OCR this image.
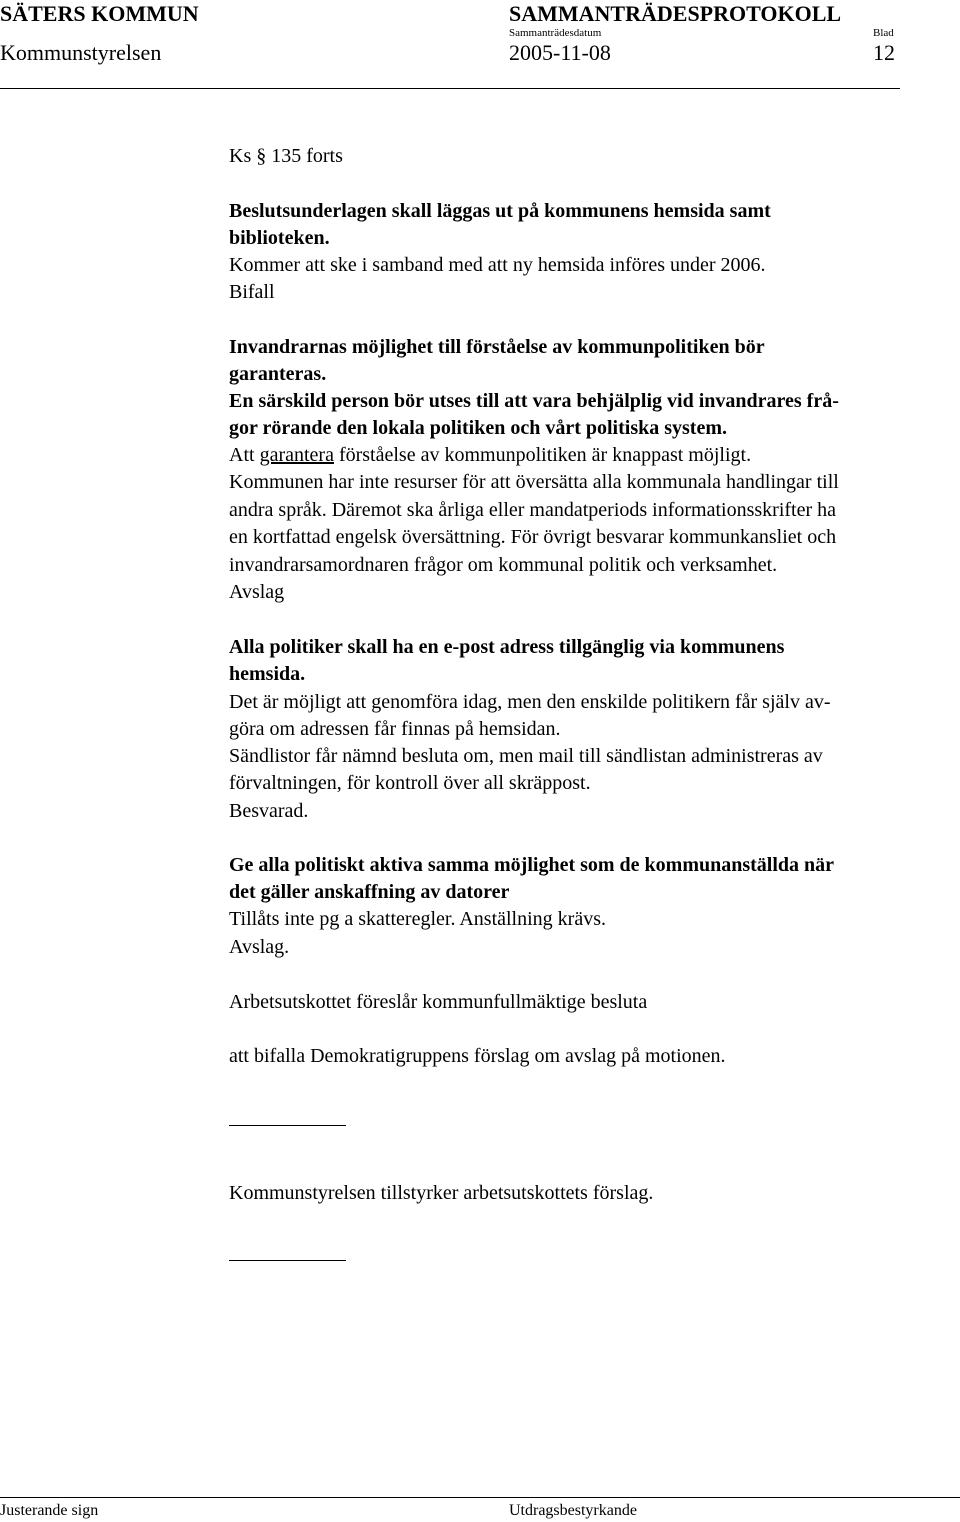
SÄTERS KOMMUN	SAMMANTRÄDESPROTOKOLL
Sammanträdesdatum	Blad
Kommunstyrelsen	2005-11-08	12
Ks § 135 forts
Beslutsunderlagen skall läggas ut på kommunens hemsida samt
biblioteken.
Kommer att ske i samband med att ny hemsida införes under 2006.
Bifall
Invandrarnas möjlighet till förståelse av kommunpolitiken bör
garanteras.
En särskild person bör utses till att vara behjälplig vid invandrares frå-
gor rörande den lokala politiken och vårt politiska system.
Att garantera förståelse av kommunpolitiken är knappast möjligt.
Kommunen har inte resurser för att översätta alla kommunala handlingar till
andra språk. Däremot ska årliga eller mandatperiods informationsskrifter ha
en kortfattad engelsk översättning. För övrigt besvarar kommunkansliet och
invandrarsamordnaren frågor om kommunal politik och verksamhet.
Avslag
Alla politiker skall ha en e-post adress tillgänglig via kommunens
hemsida.
Det är möjligt att genomföra idag, men den enskilde politikern får själv av-
göra om adressen får finnas på hemsidan.
Sändlistor får nämnd besluta om, men mail till sändlistan administreras av
förvaltningen, för kontroll över all skräppost.
Besvarad.
Ge alla politiskt aktiva samma möjlighet som de kommunanställda när
det gäller anskaffning av datorer
Tillåts inte pg a skatteregler. Anställning krävs.
Avslag.
Arbetsutskottet föreslår kommunfullmäktige besluta
att bifalla Demokratigruppens förslag om avslag på motionen.
Kommunstyrelsen tillstyrker arbetsutskottets förslag.
Justerande sign	Utdragsbestyrkande
